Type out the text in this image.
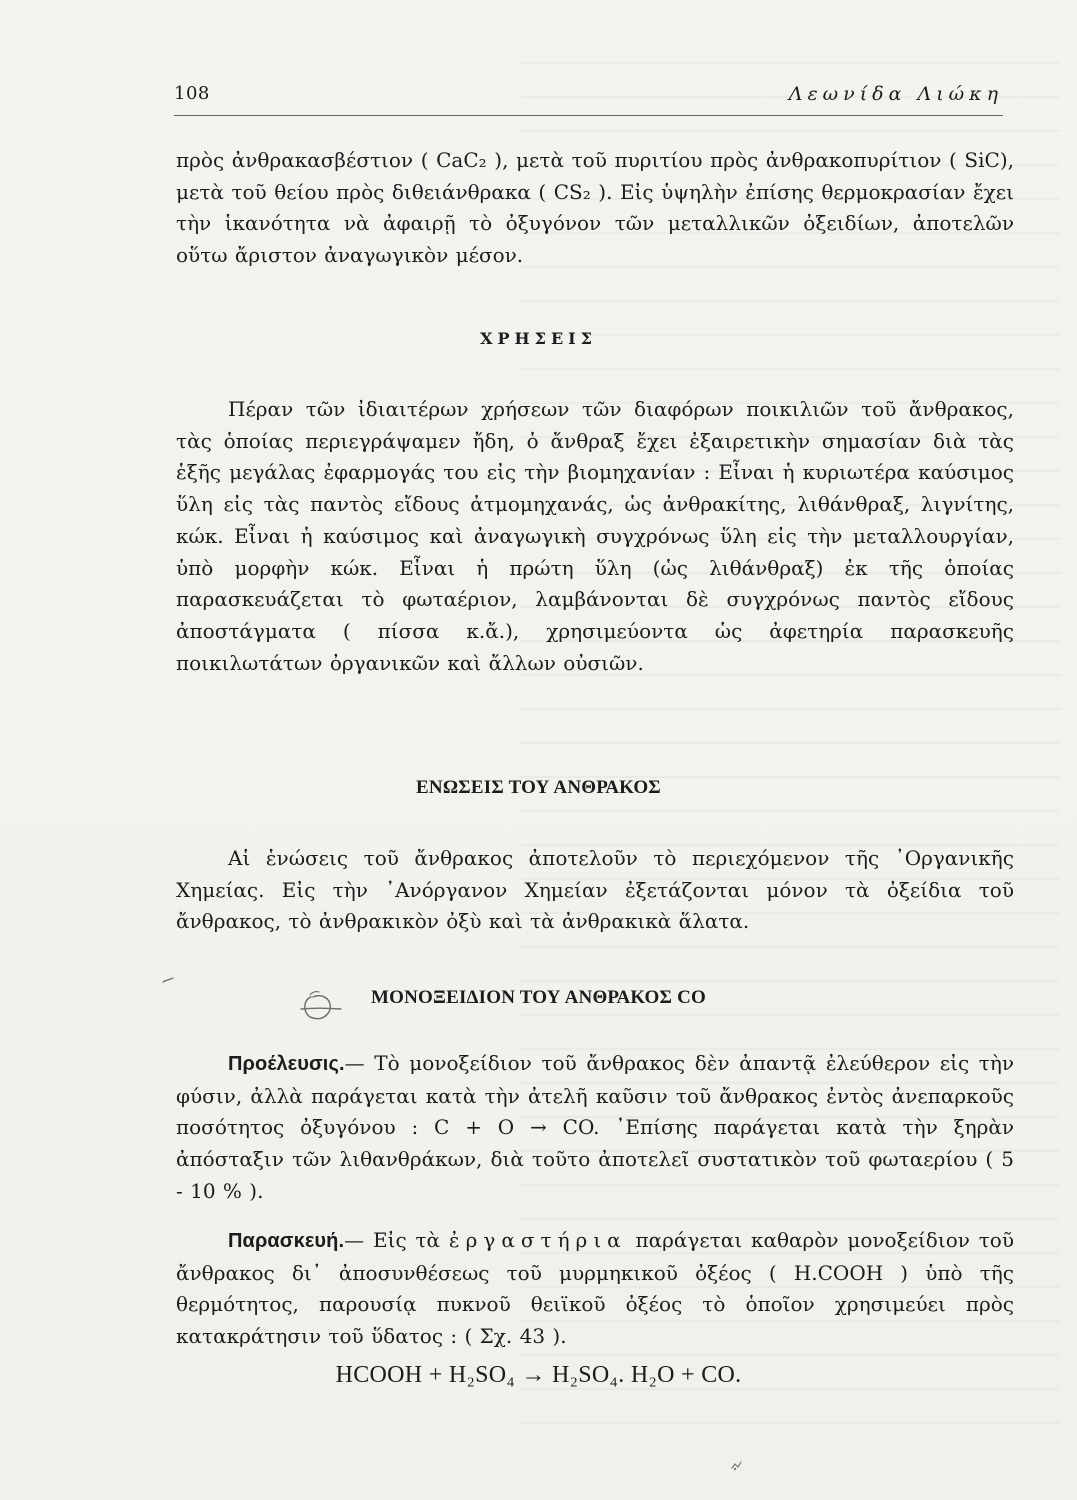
108	Λεωνίδα Λιώκη
πρὸς ἀνθρακασβέστιον ( CaC₂ ), μετὰ τοῦ πυριτίου πρὸς ἀνθρακοπυρίτιον ( SiC), μετὰ τοῦ θείου πρὸς διθειάνθρακα ( CS₂ ). Εἰς ὑψηλὴν ἐπίσης θερμοκρασίαν ἔχει τὴν ἱκανότητα νὰ ἀφαιρῇ τὸ ὀξυγόνον τῶν μεταλλικῶν ὀξειδίων, ἀποτελῶν οὕτω ἄριστον ἀναγωγικὸν μέσον.
ΧΡΗΣΕΙΣ
Πέραν τῶν ἰδιαιτέρων χρήσεων τῶν διαφόρων ποικιλιῶν τοῦ ἄνθρακος, τὰς ὁποίας περιεγράψαμεν ἤδη, ὁ ἄνθραξ ἔχει ἐξαιρετικὴν σημασίαν διὰ τὰς ἑξῆς μεγάλας ἐφαρμογάς του εἰς τὴν βιομηχανίαν : Εἶναι ἡ κυριωτέρα καύσιμος ὕλη εἰς τὰς παντὸς εἴδους ἀτμομηχανάς, ὡς ἀνθρακίτης, λιθάνθραξ, λιγνίτης, κώκ. Εἶναι ἡ καύσιμος καὶ ἀναγωγικὴ συγχρόνως ὕλη εἰς τὴν μεταλλουργίαν, ὑπὸ μορφὴν κώκ. Εἶναι ἡ πρώτη ὕλη (ὡς λιθάνθραξ) ἐκ τῆς ὁποίας παρασκευάζεται τὸ φωταέριον, λαμβάνονται δὲ συγχρόνως παντὸς εἴδους ἀποστάγματα ( πίσσα κ.ἄ.), χρησιμεύοντα ὡς ἀφετηρία παρασκευῆς ποικιλωτάτων ὀργανικῶν καὶ ἄλλων οὐσιῶν.
ΕΝΩΣΕΙΣ ΤΟΥ ΑΝΘΡΑΚΟΣ
Αἱ ἑνώσεις τοῦ ἄνθρακος ἀποτελοῦν τὸ περιεχόμενον τῆς ᾿Οργανικῆς Χημείας. Εἰς τὴν ᾿Ανόργανον Χημείαν ἐξετάζονται μόνον τὰ ὀξείδια τοῦ ἄνθρακος, τὸ ἀνθρακικὸν ὀξὺ καὶ τὰ ἀνθρακικὰ ἅλατα.
ΜΟΝΟΞΕΙΔΙΟΝ ΤΟΥ ΑΝΘΡΑΚΟΣ CO
Προέλευσις.— Τὸ μονοξείδιον τοῦ ἄνθρακος δὲν ἀπαντᾷ ἐλεύθερον εἰς τὴν φύσιν, ἀλλὰ παράγεται κατὰ τὴν ἀτελῆ καῦσιν τοῦ ἄνθρακος ἐντὸς ἀνεπαρκοῦς ποσότητος ὀξυγόνου : C + O → CO. ᾿Επίσης παράγεται κατὰ τὴν ξηρὰν ἀπόσταξιν τῶν λιθανθράκων, διὰ τοῦτο ἀποτελεῖ συστατικὸν τοῦ φωταερίου ( 5 - 10 % ).
Παρασκευή.— Εἰς τὰ ἐργαστήρια παράγεται καθαρὸν μονοξείδιον τοῦ ἄνθρακος δι᾿ ἀποσυνθέσεως τοῦ μυρμηκικοῦ ὀξέος ( H.COOH ) ὑπὸ τῆς θερμότητος, παρουσίᾳ πυκνοῦ θειϊκοῦ ὀξέος τὸ ὁποῖον χρησιμεύει πρὸς κατακράτησιν τοῦ ὕδατος : ( Σχ. 43 ).
HCOOH + H₂SO₄ → H₂SO₄. H₂O + CO.
